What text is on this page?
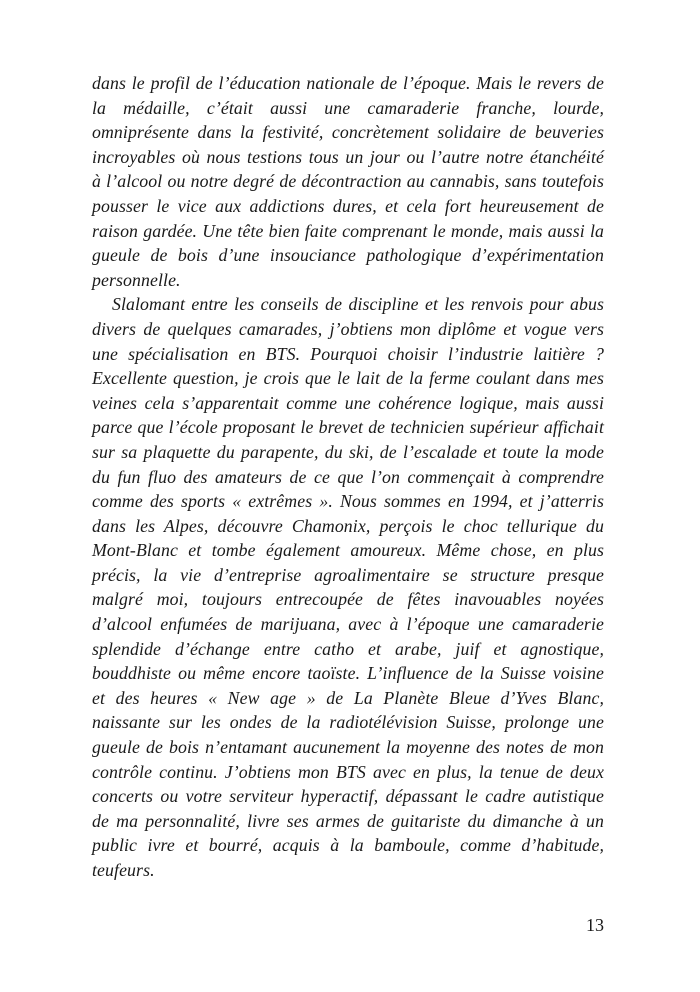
dans le profil de l’éducation nationale de l’époque. Mais le revers de
la médaille, c’était aussi une camaraderie franche, lourde,
omniprésente dans la festivité, concrètement solidaire de beuveries
incroyables où nous testions tous un jour ou l’autre notre étanchéité
à l’alcool ou notre degré de décontraction au cannabis, sans toutefois
pousser le vice aux addictions dures, et cela fort heureusement de
raison gardée. Une tête bien faite comprenant le monde, mais aussi la
gueule de bois d’une insouciance pathologique d’expérimentation
personnelle.
Slalomant entre les conseils de discipline et les renvois pour abus
divers de quelques camarades, j’obtiens mon diplôme et vogue vers
une spécialisation en BTS. Pourquoi choisir l’industrie laitière ?
Excellente question, je crois que le lait de la ferme coulant dans mes
veines cela s’apparentait comme une cohérence logique, mais aussi
parce que l’école proposant le brevet de technicien supérieur affichait
sur sa plaquette du parapente, du ski, de l’escalade et toute la mode
du fun fluo des amateurs de ce que l’on commençait à comprendre
comme des sports « extrêmes ». Nous sommes en 1994, et j’atterris
dans les Alpes, découvre Chamonix, perçois le choc tellurique du
Mont-Blanc et tombe également amoureux. Même chose, en plus
précis, la vie d’entreprise agroalimentaire se structure presque
malgré moi, toujours entrecoupée de fêtes inavouables noyées
d’alcool enfumées de marijuana, avec à l’époque une camaraderie
splendide d’échange entre catho et arabe, juif et agnostique,
bouddhiste ou même encore taoïste. L’influence de la Suisse voisine
et des heures « New age » de La Planète Bleue d’Yves Blanc,
naissante sur les ondes de la radiotélévision Suisse, prolonge une
gueule de bois n’entamant aucunement la moyenne des notes de mon
contrôle continu. J’obtiens mon BTS avec en plus, la tenue de deux
concerts ou votre serviteur hyperactif, dépassant le cadre autistique
de ma personnalité, livre ses armes de guitariste du dimanche à un
public ivre et bourré, acquis à la bamboule, comme d’habitude,
teufeurs.
13
